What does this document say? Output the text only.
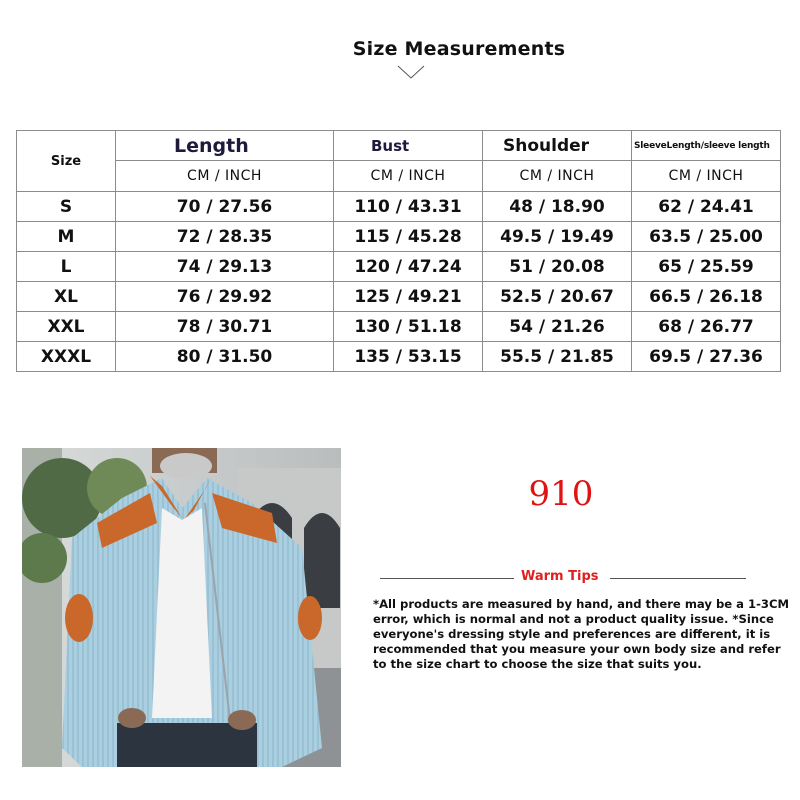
Size Measurements
Size	Length	Bust	Shoulder	SleeveLength/sleeve length
	CM / INCH	CM / INCH	CM / INCH	CM / INCH
S	70 / 27.56	110 / 43.31	48 / 18.90	62 / 24.41
M	72 / 28.35	115 / 45.28	49.5 / 19.49	63.5 / 25.00
L	74 / 29.13	120 / 47.24	51 / 20.08	65 / 25.59
XL	76 / 29.92	125 / 49.21	52.5 / 20.67	66.5 / 26.18
XXL	78 / 30.71	130 / 51.18	54 / 21.26	68 / 26.77
XXXL	80 / 31.50	135 / 53.15	55.5 / 21.85	69.5 / 27.36
910
Warm Tips
*All products are measured by hand, and there may be a 1-3CM
error, which is normal and not a product quality issue. *Since
everyone's dressing style and preferences are different, it is
recommended that you measure your own body size and refer
to the size chart to choose the size that suits you.
